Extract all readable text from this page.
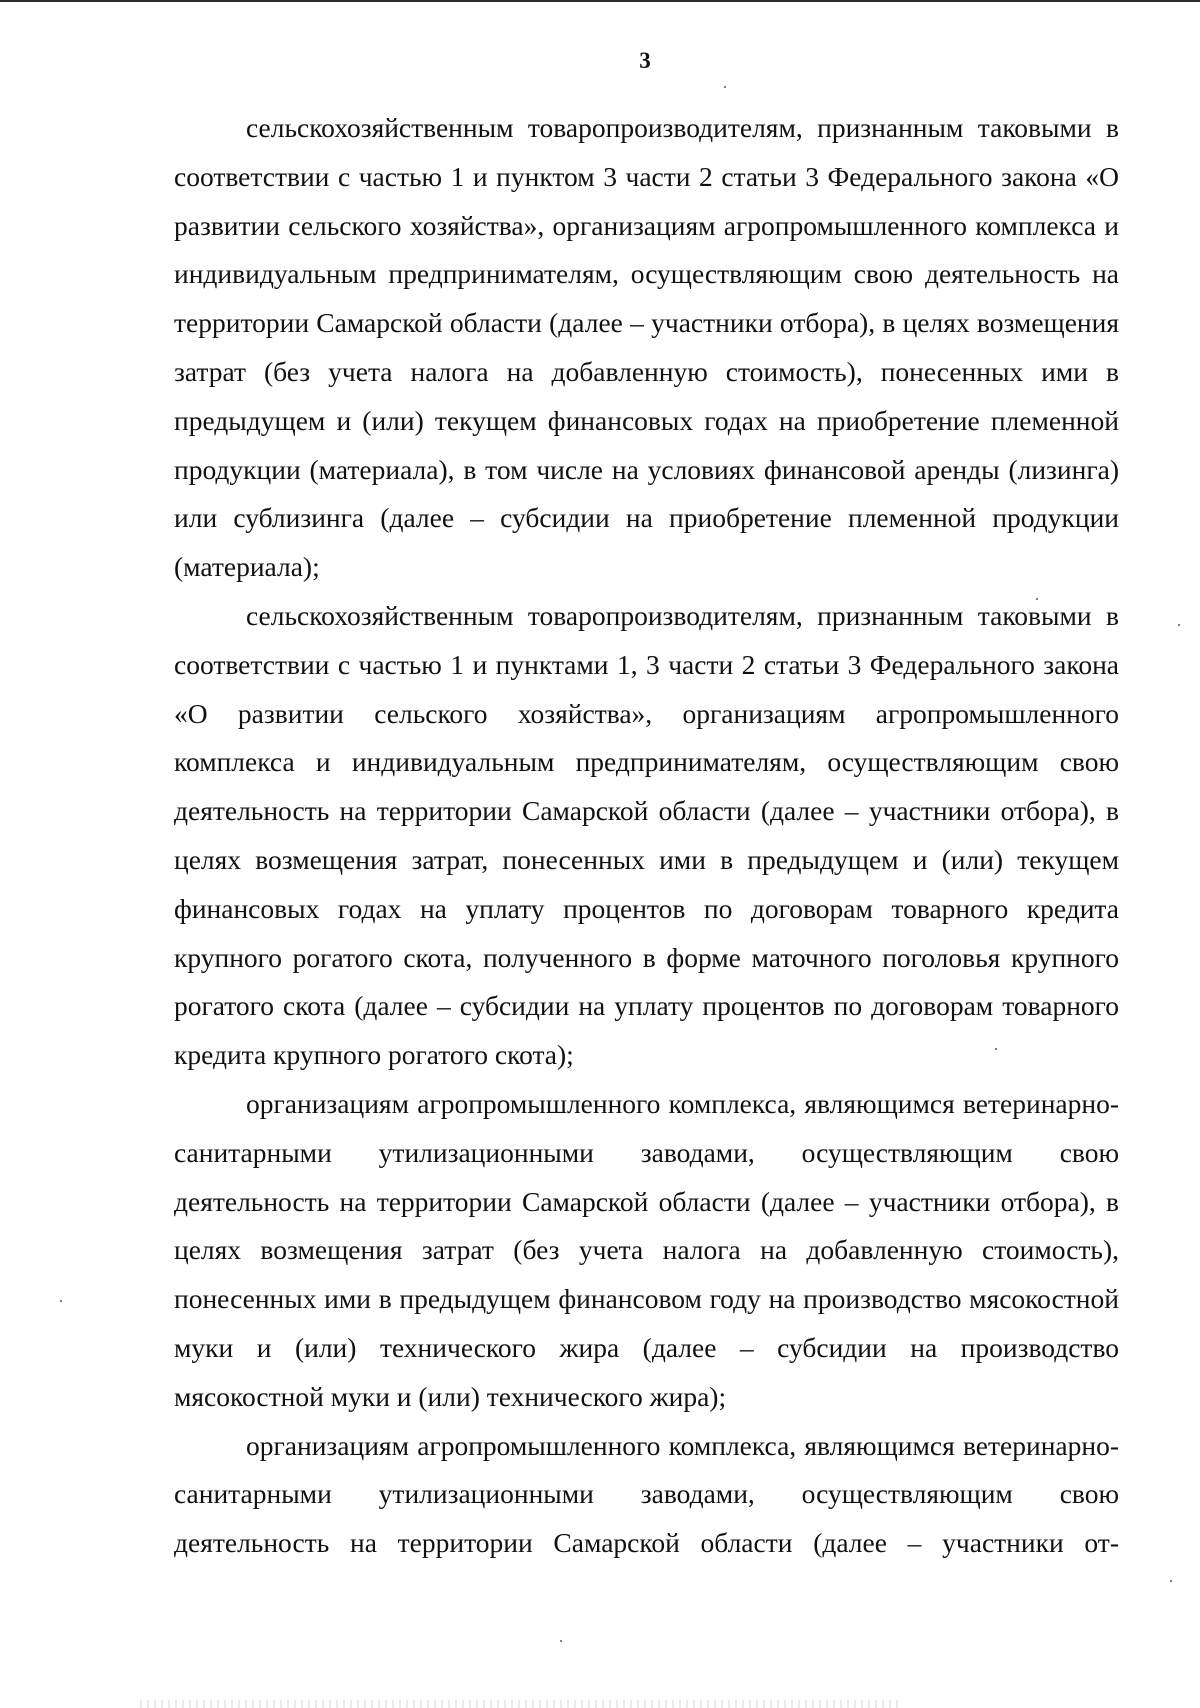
3

сельскохозяйственным товаропроизводителям, признанным таковыми в соответствии с частью 1 и пунктом 3 части 2 статьи 3 Федерального закона «О развитии сельского хозяйства», организациям агропромышленного комплекса и индивидуальным предпринимателям, осуществляющим свою деятельность на территории Самарской области (далее – участники отбора), в целях возмещения затрат (без учета налога на добавленную стоимость), понесенных ими в предыдущем и (или) текущем финансовых годах на приобретение племенной продукции (материала), в том числе на условиях финансовой аренды (лизинга) или сублизинга (далее – субсидии на приобретение племенной продукции (материала);

сельскохозяйственным товаропроизводителям, признанным таковыми в соответствии с частью 1 и пунктами 1, 3 части 2 статьи 3 Федерального закона «О развитии сельского хозяйства», организациям агропромышленного комплекса и индивидуальным предпринимателям, осуществляющим свою деятельность на территории Самарской области (далее – участники отбора), в целях возмещения затрат, понесенных ими в предыдущем и (или) текущем финансовых годах на уплату процентов по договорам товарного кредита крупного рогатого скота, полученного в форме маточного поголовья крупного рогатого скота (далее – субсидии на уплату процентов по договорам товарного кредита крупного рогатого скота);

организациям агропромышленного комплекса, являющимся ветеринарно-санитарными утилизационными заводами, осуществляющим свою деятельность на территории Самарской области (далее – участники отбора), в целях возмещения затрат (без учета налога на добавленную стоимость), понесенных ими в предыдущем финансовом году на производство мясокостной муки и (или) технического жира (далее – субсидии на производство мясокостной муки и (или) технического жира);

организациям агропромышленного комплекса, являющимся ветеринарно-санитарными утилизационными заводами, осуществляющим свою деятельность на территории Самарской области (далее – участники от-
